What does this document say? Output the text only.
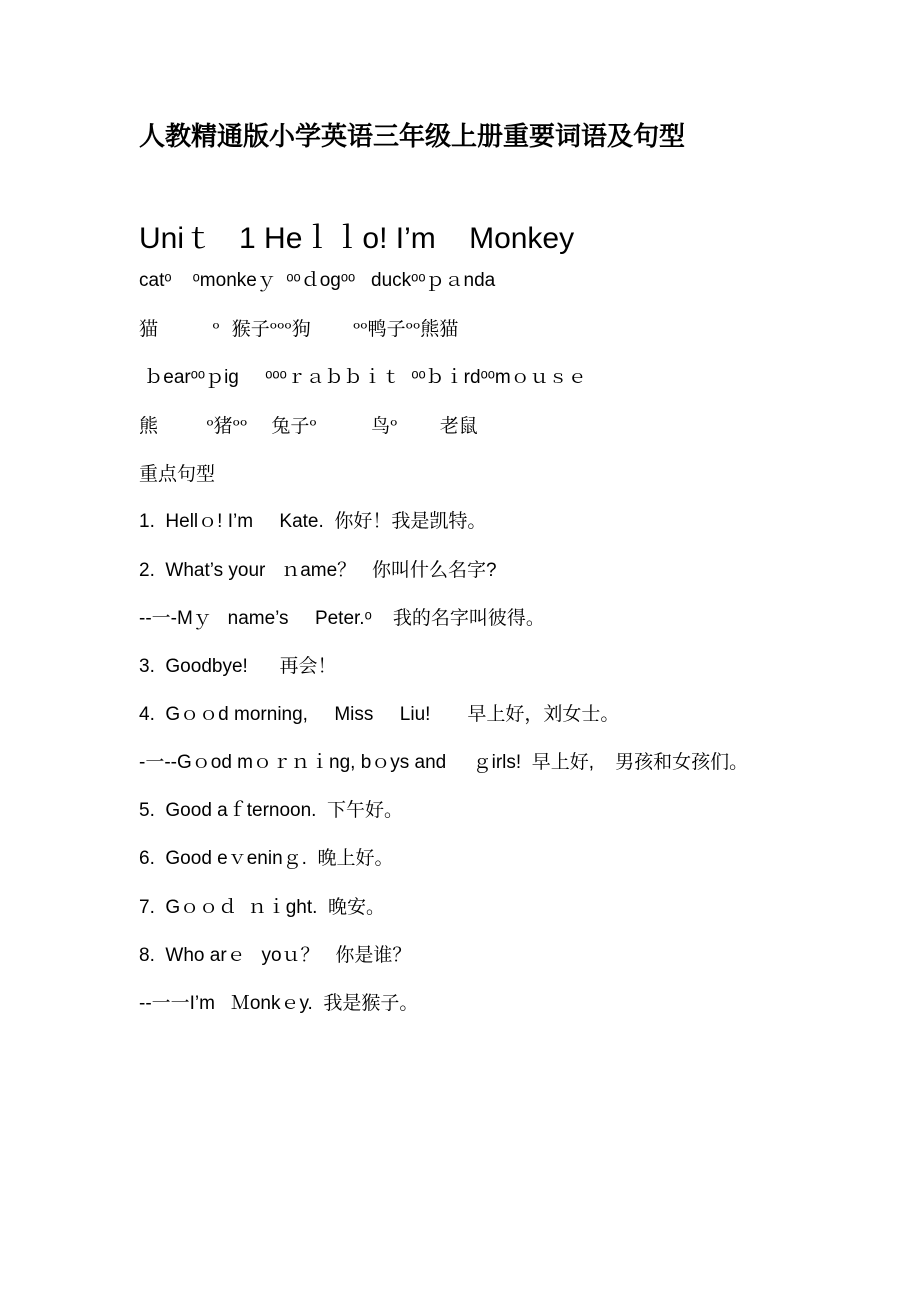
人教精通版小学英语三年级上册重要词语及句型
Uniｔ   1 Heｌｌo! I’m    Monkey
catᵒ    ᵒmonkeｙ  ᵒᵒｄogᵒᵒ   duckᵒᵒｐａnda
猫         ᵒ  猴子ᵒᵒᵒ狗       ᵒᵒ鸭子ᵒᵒ熊猫
ｂearᵒᵒｐig     ᵒᵒᵒｒａｂｂｉｔ  ᵒᵒｂｉrdᵒᵒmｏｕｓｅ
熊        ᵒ猪ᵒᵒ    兔子ᵒ         鸟ᵒ       老鼠
重点句型
1.  Hellｏ! I’m     Kate.  你好！我是凯特。
2.  What’s your   ｎame？   你叫什么名字?
--一-Mｙ   name’s     Peter.ᵒ    我的名字叫彼得。
3.  Goodbye!      再会！
4.  Gｏｏd morning,     Miss     Liu!       早上好，刘女士。
-一--Gｏod mｏｒｎｉng, bｏys and     ｇirls!  早上好,    男孩和女孩们。
5.  Good aｆternoon.  下午好。
6.  Good eｖeninｇ.  晚上好。
7.  Gｏｏｄ  ｎｉght.  晚安。
8.  Who arｅ   yoｕ？   你是谁？
--一一I’m   Ｍonkｅy.  我是猴子。
